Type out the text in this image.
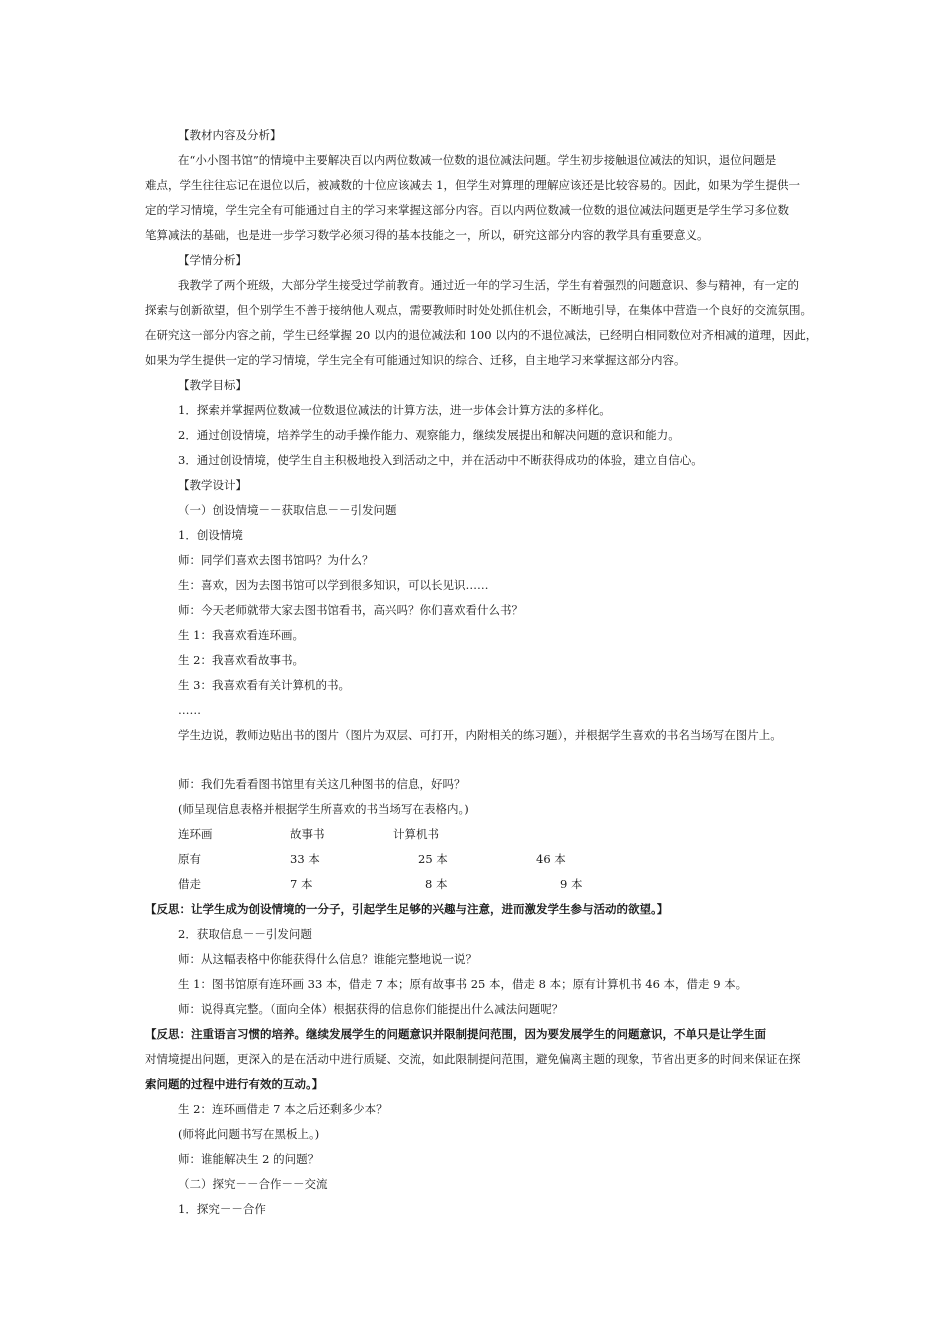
【教材内容及分析】
在“小小图书馆”的情境中主要解决百以内两位数减一位数的退位减法问题。学生初步接触退位减法的知识，退位问题是
难点，学生往往忘记在退位以后，被减数的十位应该减去 1，但学生对算理的理解应该还是比较容易的。因此，如果为学生提供一
定的学习情境，学生完全有可能通过自主的学习来掌握这部分内容。百以内两位数减一位数的退位减法问题更是学生学习多位数
笔算减法的基础，也是进一步学习数学必须习得的基本技能之一，所以，研究这部分内容的教学具有重要意义。
【学情分析】
我教学了两个班级，大部分学生接受过学前教育。通过近一年的学习生活，学生有着强烈的问题意识、参与精神，有一定的
探索与创新欲望，但个别学生不善于接纳他人观点，需要教师时时处处抓住机会，不断地引导，在集体中营造一个良好的交流氛围。
在研究这一部分内容之前，学生已经掌握 20 以内的退位减法和 100 以内的不退位减法，已经明白相同数位对齐相减的道理，因此，
如果为学生提供一定的学习情境，学生完全有可能通过知识的综合、迁移，自主地学习来掌握这部分内容。
【教学目标】
1．探索并掌握两位数减一位数退位减法的计算方法，进一步体会计算方法的多样化。
2．通过创设情境，培养学生的动手操作能力、观察能力，继续发展提出和解决问题的意识和能力。
3．通过创设情境，使学生自主积极地投入到活动之中，并在活动中不断获得成功的体验，建立自信心。
【教学设计】
（一）创设情境－－获取信息－－引发问题
1．创设情境
师：同学们喜欢去图书馆吗？为什么？
生：喜欢，因为去图书馆可以学到很多知识，可以长见识……
师：今天老师就带大家去图书馆看书，高兴吗？你们喜欢看什么书？
生 1：我喜欢看连环画。
生 2：我喜欢看故事书。
生 3：我喜欢看有关计算机的书。
……
学生边说，教师边贴出书的图片（图片为双层、可打开，内附相关的练习题），并根据学生喜欢的书名当场写在图片上。
师：我们先看看图书馆里有关这几种图书的信息，好吗？
(师呈现信息表格并根据学生所喜欢的书当场写在表格内。)
连环画	故事书	计算机书
原有	33 本	25 本	46 本
借走	7 本	8 本	9 本
【反思：让学生成为创设情境的一分子，引起学生足够的兴趣与注意，进而激发学生参与活动的欲望。】
2．获取信息－－引发问题
师：从这幅表格中你能获得什么信息？谁能完整地说一说？
生 1：图书馆原有连环画 33 本，借走 7 本；原有故事书 25 本，借走 8 本；原有计算机书 46 本，借走 9 本。
师：说得真完整。（面向全体）根据获得的信息你们能提出什么减法问题呢？
【反思：注重语言习惯的培养。继续发展学生的问题意识并限制提问范围，因为要发展学生的问题意识，不单只是让学生面
对情境提出问题，更深入的是在活动中进行质疑、交流，如此限制提问范围，避免偏离主题的现象，节省出更多的时间来保证在探
索问题的过程中进行有效的互动。】
生 2：连环画借走 7 本之后还剩多少本？
(师将此问题书写在黑板上。)
师：谁能解决生 2 的问题？
（二）探究－－合作－－交流
1．探究－－合作
